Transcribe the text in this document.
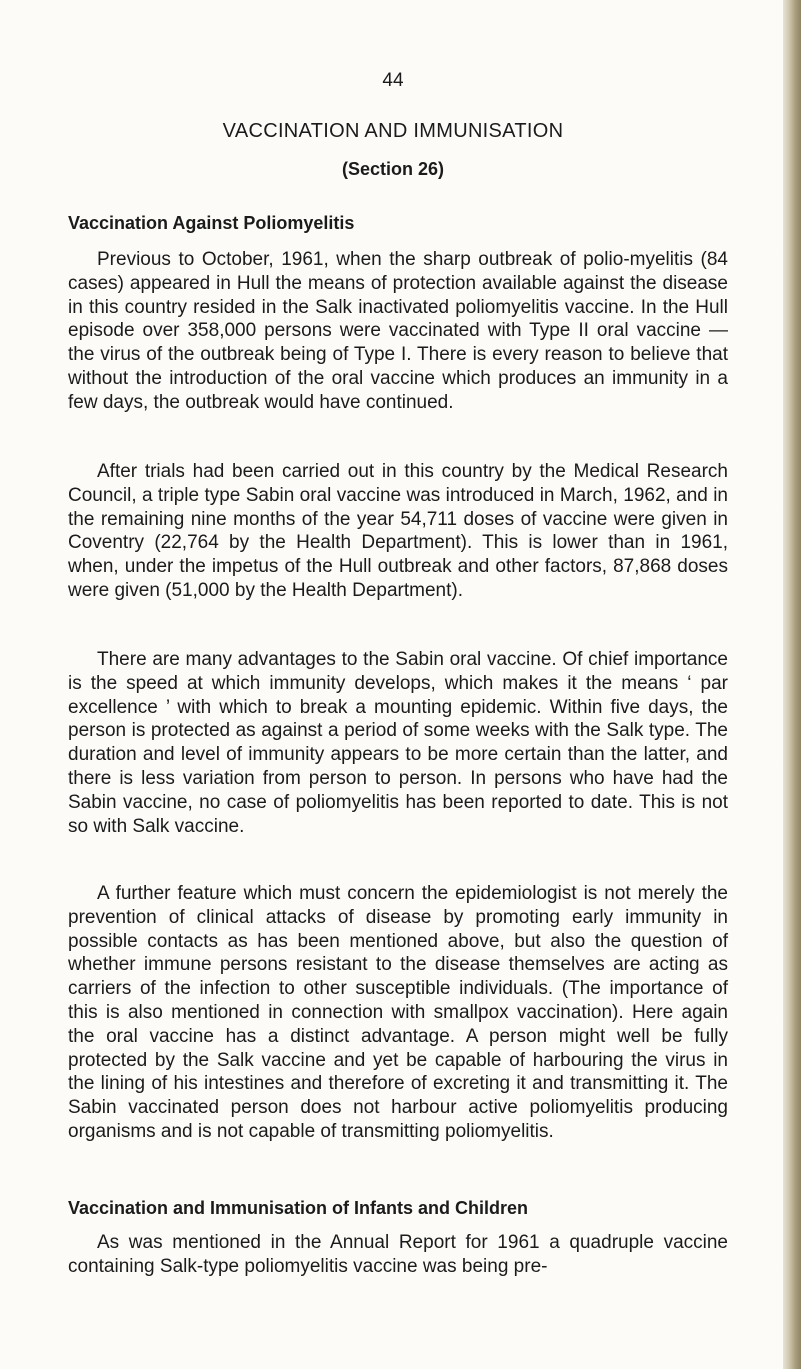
44
VACCINATION AND IMMUNISATION
(Section 26)
Vaccination Against Poliomyelitis

Previous to October, 1961, when the sharp outbreak of polio-myelitis (84 cases) appeared in Hull the means of protection available against the disease in this country resided in the Salk inactivated poliomyelitis vaccine. In the Hull episode over 358,000 persons were vaccinated with Type II oral vaccine — the virus of the outbreak being of Type I. There is every reason to believe that without the introduction of the oral vaccine which produces an immunity in a few days, the outbreak would have continued.

After trials had been carried out in this country by the Medical Research Council, a triple type Sabin oral vaccine was introduced in March, 1962, and in the remaining nine months of the year 54,711 doses of vaccine were given in Coventry (22,764 by the Health Department). This is lower than in 1961, when, under the impetus of the Hull outbreak and other factors, 87,868 doses were given (51,000 by the Health Department).

There are many advantages to the Sabin oral vaccine. Of chief importance is the speed at which immunity develops, which makes it the means ‘ par excellence ’ with which to break a mounting epidemic. Within five days, the person is protected as against a period of some weeks with the Salk type. The duration and level of immunity appears to be more certain than the latter, and there is less variation from person to person. In persons who have had the Sabin vaccine, no case of poliomyelitis has been reported to date. This is not so with Salk vaccine.

A further feature which must concern the epidemiologist is not merely the prevention of clinical attacks of disease by promoting early immunity in possible contacts as has been mentioned above, but also the question of whether immune persons resistant to the disease themselves are acting as carriers of the infection to other susceptible individuals. (The importance of this is also mentioned in connection with smallpox vaccination). Here again the oral vaccine has a distinct advantage. A person might well be fully protected by the Salk vaccine and yet be capable of harbouring the virus in the lining of his intestines and therefore of excreting it and transmitting it. The Sabin vaccinated person does not harbour active poliomyelitis producing organisms and is not capable of transmitting poliomyelitis.

Vaccination and Immunisation of Infants and Children

As was mentioned in the Annual Report for 1961 a quadruple vaccine containing Salk-type poliomyelitis vaccine was being pre-
